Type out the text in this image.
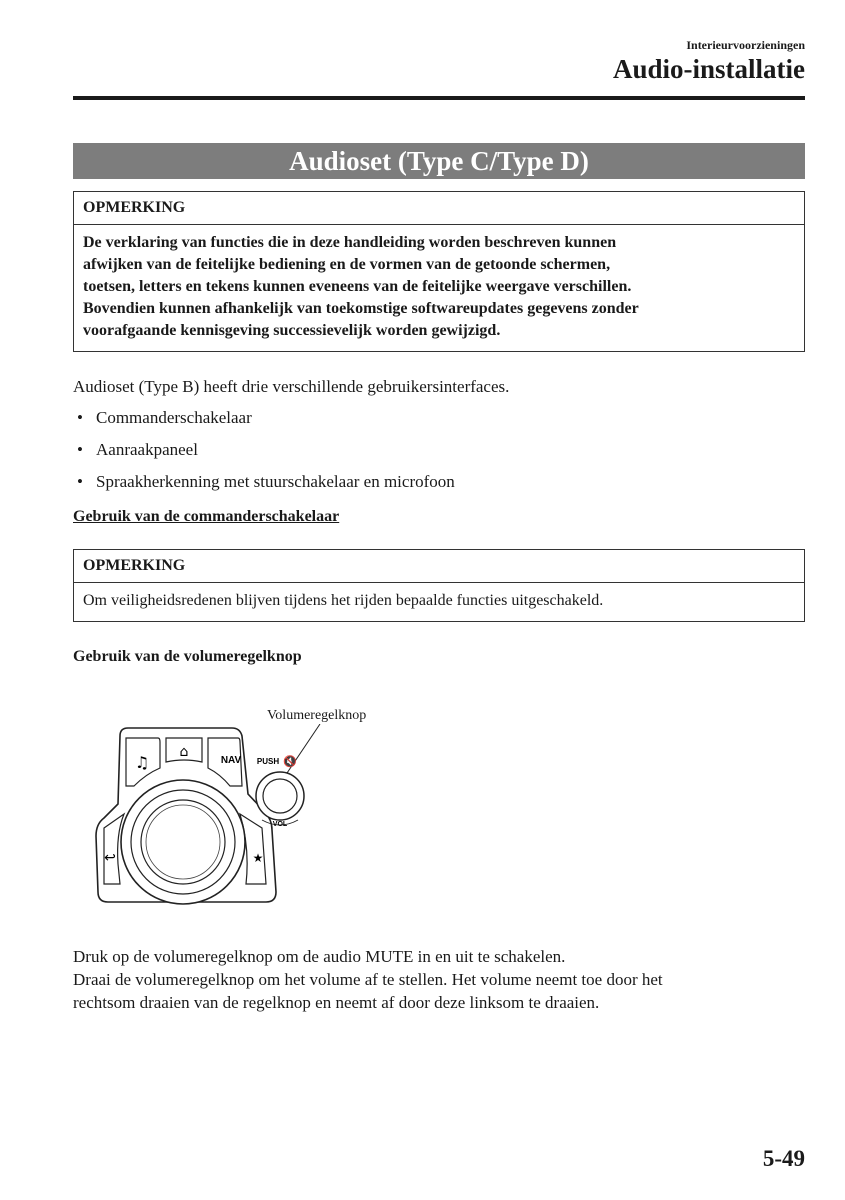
Interieurvoorzieningen
Audio-installatie
Audioset (Type C/Type D)
OPMERKING
De verklaring van functies die in deze handleiding worden beschreven kunnen
afwijken van de feitelijke bediening en de vormen van de getoonde schermen,
toetsen, letters en tekens kunnen eveneens van de feitelijke weergave verschillen.
Bovendien kunnen afhankelijk van toekomstige softwareupdates gegevens zonder
voorafgaande kennisgeving successievelijk worden gewijzigd.
Audioset (Type B) heeft drie verschillende gebruikersinterfaces.
• Commanderschakelaar
• Aanraakpaneel
• Spraakherkenning met stuurschakelaar en microfoon
Gebruik van de commanderschakelaar
OPMERKING
Om veiligheidsredenen blijven tijdens het rijden bepaalde functies uitgeschakeld.
Gebruik van de volumeregelknop
Volumeregelknop
♫
⌂
NAV
↩	★
PUSH 🔇
VOL
Druk op de volumeregelknop om de audio MUTE in en uit te schakelen.
Draai de volumeregelknop om het volume af te stellen. Het volume neemt toe door het
rechtsom draaien van de regelknop en neemt af door deze linksom te draaien.
5-49
